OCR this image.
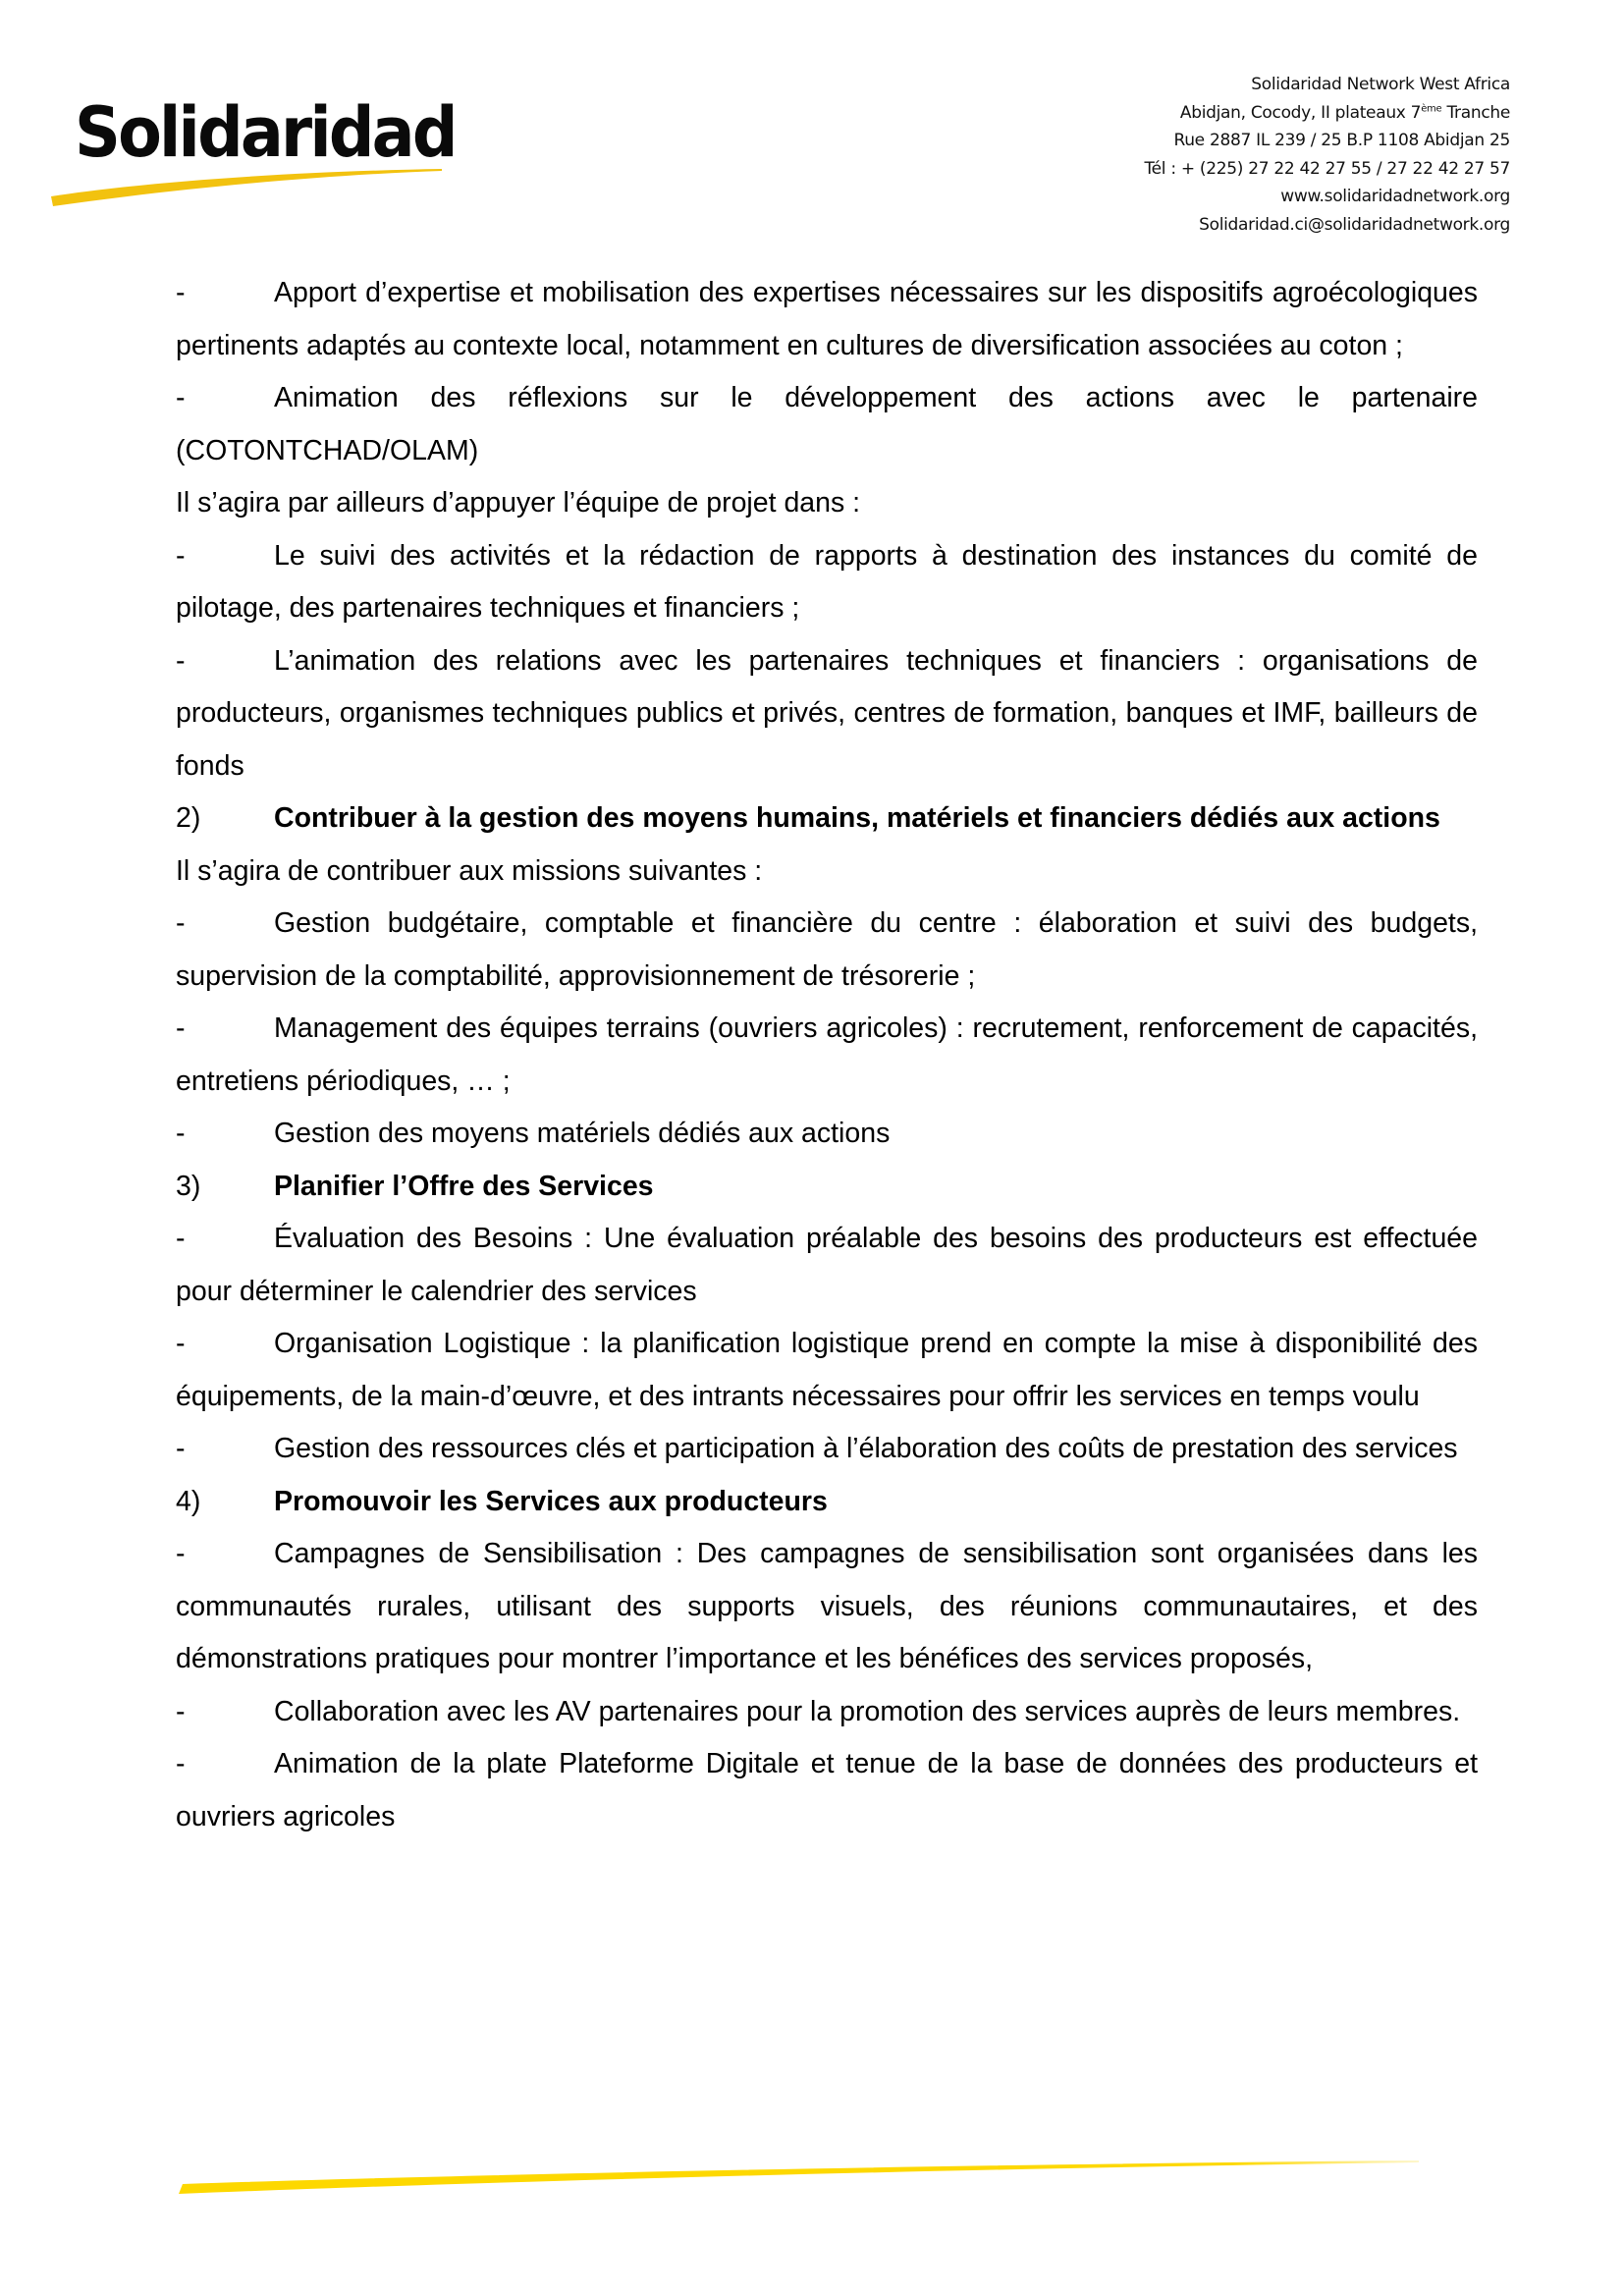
Solidaridad
Solidaridad Network West Africa
Abidjan, Cocody, II plateaux 7ème Tranche
Rue 2887 IL 239 / 25 B.P 1108 Abidjan 25
Tél : + (225) 27 22 42 27 55 / 27 22 42 27 57
www.solidaridadnetwork.org
Solidaridad.ci@solidaridadnetwork.org

-	Apport d’expertise et mobilisation des expertises nécessaires sur les dispositifs agroécologiques pertinents adaptés au contexte local, notamment en cultures de diversification associées au coton ;

-	Animation des réflexions sur le développement des actions avec le partenaire (COTONTCHAD/OLAM)

Il s’agira par ailleurs d’appuyer l’équipe de projet dans :

-	Le suivi des activités et la rédaction de rapports à destination des instances du comité de pilotage, des partenaires techniques et financiers ;

-	L’animation des relations avec les partenaires techniques et financiers : organisations de producteurs, organismes techniques publics et privés, centres de formation, banques et IMF, bailleurs de fonds

2)	Contribuer à la gestion des moyens humains, matériels et financiers dédiés aux actions

Il s’agira de contribuer aux missions suivantes :

-	Gestion budgétaire, comptable et financière du centre : élaboration et suivi des budgets, supervision de la comptabilité, approvisionnement de trésorerie ;

-	Management des équipes terrains (ouvriers agricoles) : recrutement, renforcement de capacités, entretiens périodiques, … ;

-	Gestion des moyens matériels dédiés aux actions

3)	Planifier l’Offre des Services

-	Évaluation des Besoins : Une évaluation préalable des besoins des producteurs est effectuée pour déterminer le calendrier des services

-	Organisation Logistique : la planification logistique prend en compte la mise à disponibilité des équipements, de la main-d’œuvre, et des intrants nécessaires pour offrir les services en temps voulu

-	Gestion des ressources clés et participation à l’élaboration des coûts de prestation des services

4)	Promouvoir les Services aux producteurs

-	Campagnes de Sensibilisation : Des campagnes de sensibilisation sont organisées dans les communautés rurales, utilisant des supports visuels, des réunions communautaires, et des démonstrations pratiques pour montrer l’importance et les bénéfices des services proposés,

-	Collaboration avec les AV partenaires pour la promotion des services auprès de leurs membres.

-	Animation de la plate Plateforme Digitale et tenue de la base de données des producteurs et ouvriers agricoles
